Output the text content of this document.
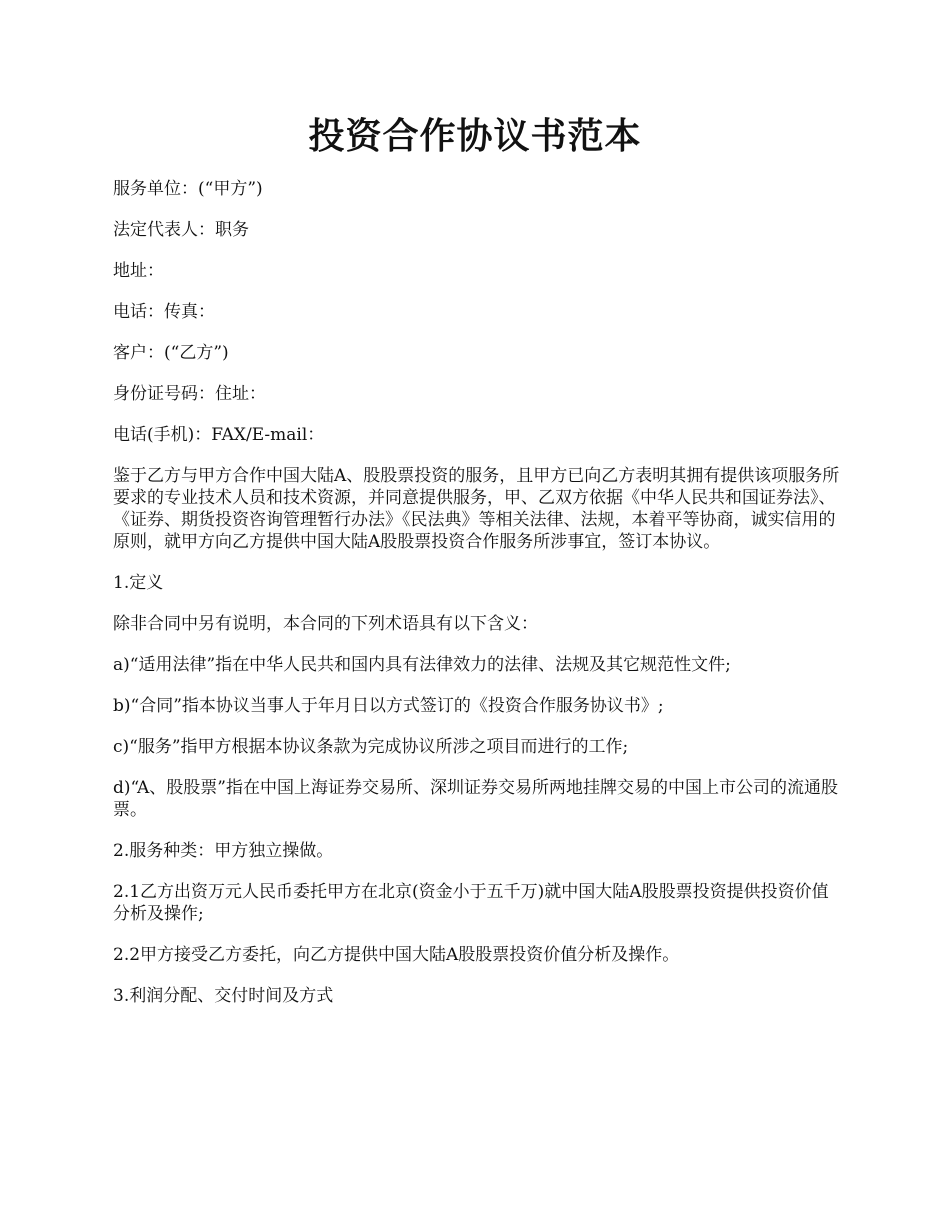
投资合作协议书范本

服务单位：(“甲方”)

法定代表人：职务

地址：

电话：传真：

客户：(“乙方”)

身份证号码：住址：

电话(手机)：FAX/E-mail：

鉴于乙方与甲方合作中国大陆A、股股票投资的服务，且甲方已向乙方表明其拥有提供该项服务所要求的专业技术人员和技术资源，并同意提供服务，甲、乙双方依据《中华人民共和国证券法》、《证券、期货投资咨询管理暂行办法》《民法典》等相关法律、法规，本着平等协商，诚实信用的原则，就甲方向乙方提供中国大陆A股股票投资合作服务所涉事宜，签订本协议。

1.定义

除非合同中另有说明，本合同的下列术语具有以下含义：

a)“适用法律”指在中华人民共和国内具有法律效力的法律、法规及其它规范性文件;

b)“合同”指本协议当事人于年月日以方式签订的《投资合作服务协议书》;

c)“服务”指甲方根据本协议条款为完成协议所涉之项目而进行的工作;

d)“A、股股票”指在中国上海证券交易所、深圳证券交易所两地挂牌交易的中国上市公司的流通股票。

2.服务种类：甲方独立操做。

2.1乙方出资万元人民币委托甲方在北京(资金小于五千万)就中国大陆A股股票投资提供投资价值分析及操作;

2.2甲方接受乙方委托，向乙方提供中国大陆A股股票投资价值分析及操作。

3.利润分配、交付时间及方式
